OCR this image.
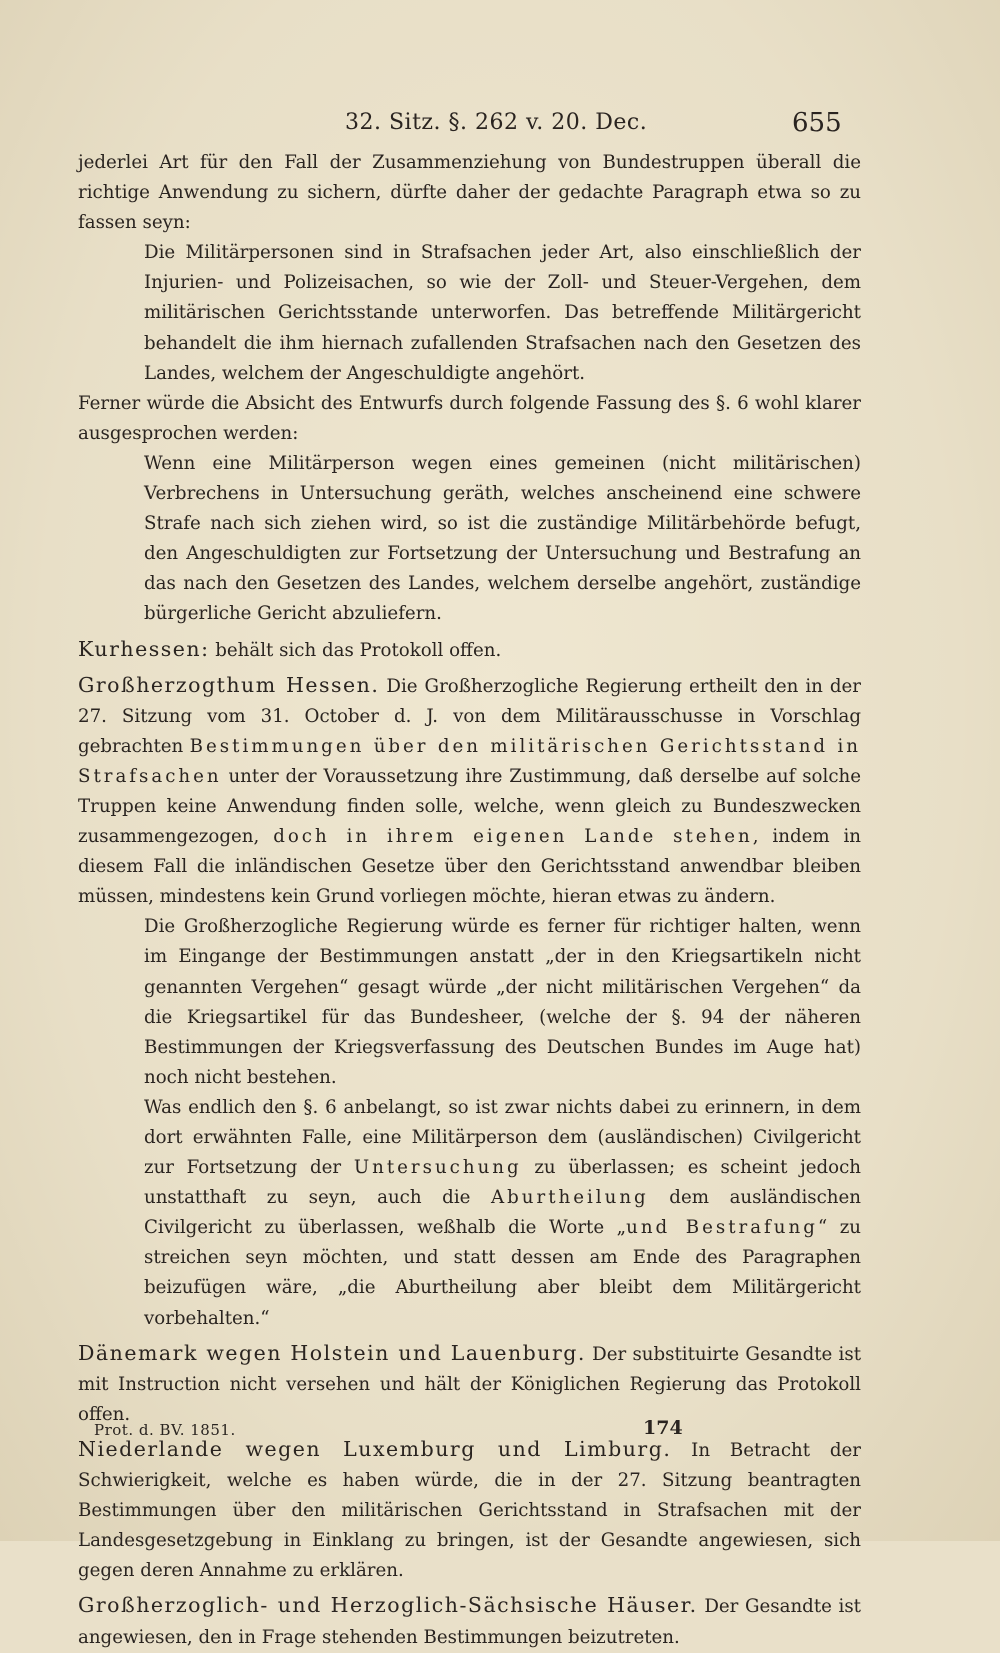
32. Sitz. §. 262 v. 20. Dec.	655

jederlei Art für den Fall der Zusammenziehung von Bundestruppen überall die richtige Anwendung zu sichern, dürfte daher der gedachte Paragraph etwa so zu fassen seyn:

Die Militärpersonen sind in Strafsachen jeder Art, also einschließlich der Injurien- und Polizeisachen, so wie der Zoll- und Steuer-Vergehen, dem militärischen Gerichtsstande unterworfen. Das betreffende Militärgericht behandelt die ihm hiernach zufallenden Strafsachen nach den Gesetzen des Landes, welchem der Angeschuldigte angehört.

Ferner würde die Absicht des Entwurfs durch folgende Fassung des §. 6 wohl klarer ausgesprochen werden:

Wenn eine Militärperson wegen eines gemeinen (nicht militärischen) Verbrechens in Untersuchung geräth, welches anscheinend eine schwere Strafe nach sich ziehen wird, so ist die zuständige Militärbehörde befugt, den Angeschuldigten zur Fortsetzung der Untersuchung und Bestrafung an das nach den Gesetzen des Landes, welchem derselbe angehört, zuständige bürgerliche Gericht abzuliefern.

Kurhessen: behält sich das Protokoll offen.

Großherzogthum Hessen. Die Großherzogliche Regierung ertheilt den in der 27. Sitzung vom 31. October d. J. von dem Militärausschusse in Vorschlag gebrachten Bestimmungen über den militärischen Gerichtsstand in Strafsachen unter der Voraussetzung ihre Zustimmung, daß derselbe auf solche Truppen keine Anwendung finden solle, welche, wenn gleich zu Bundeszwecken zusammengezogen, doch in ihrem eigenen Lande stehen, indem in diesem Fall die inländischen Gesetze über den Gerichtsstand anwendbar bleiben müssen, mindestens kein Grund vorliegen möchte, hieran etwas zu ändern.

Die Großherzogliche Regierung würde es ferner für richtiger halten, wenn im Eingange der Bestimmungen anstatt „der in den Kriegsartikeln nicht genannten Vergehen“ gesagt würde „der nicht militärischen Vergehen“ da die Kriegsartikel für das Bundesheer, (welche der §. 94 der näheren Bestimmungen der Kriegsverfassung des Deutschen Bundes im Auge hat) noch nicht bestehen.

Was endlich den §. 6 anbelangt, so ist zwar nichts dabei zu erinnern, in dem dort erwähnten Falle, eine Militärperson dem (ausländischen) Civilgericht zur Fortsetzung der Untersuchung zu überlassen; es scheint jedoch unstatthaft zu seyn, auch die Aburtheilung dem ausländischen Civilgericht zu überlassen, weßhalb die Worte „und Bestrafung“ zu streichen seyn möchten, und statt dessen am Ende des Paragraphen beizufügen wäre, „die Aburtheilung aber bleibt dem Militärgericht vorbehalten.“

Dänemark wegen Holstein und Lauenburg. Der substituirte Gesandte ist mit Instruction nicht versehen und hält der Königlichen Regierung das Protokoll offen.

Niederlande wegen Luxemburg und Limburg. In Betracht der Schwierigkeit, welche es haben würde, die in der 27. Sitzung beantragten Bestimmungen über den militärischen Gerichtsstand in Strafsachen mit der Landesgesetzgebung in Einklang zu bringen, ist der Gesandte angewiesen, sich gegen deren Annahme zu erklären.

Großherzoglich- und Herzoglich-Sächsische Häuser. Der Gesandte ist angewiesen, den in Frage stehenden Bestimmungen beizutreten.

Prot. d. BV. 1851.	174
